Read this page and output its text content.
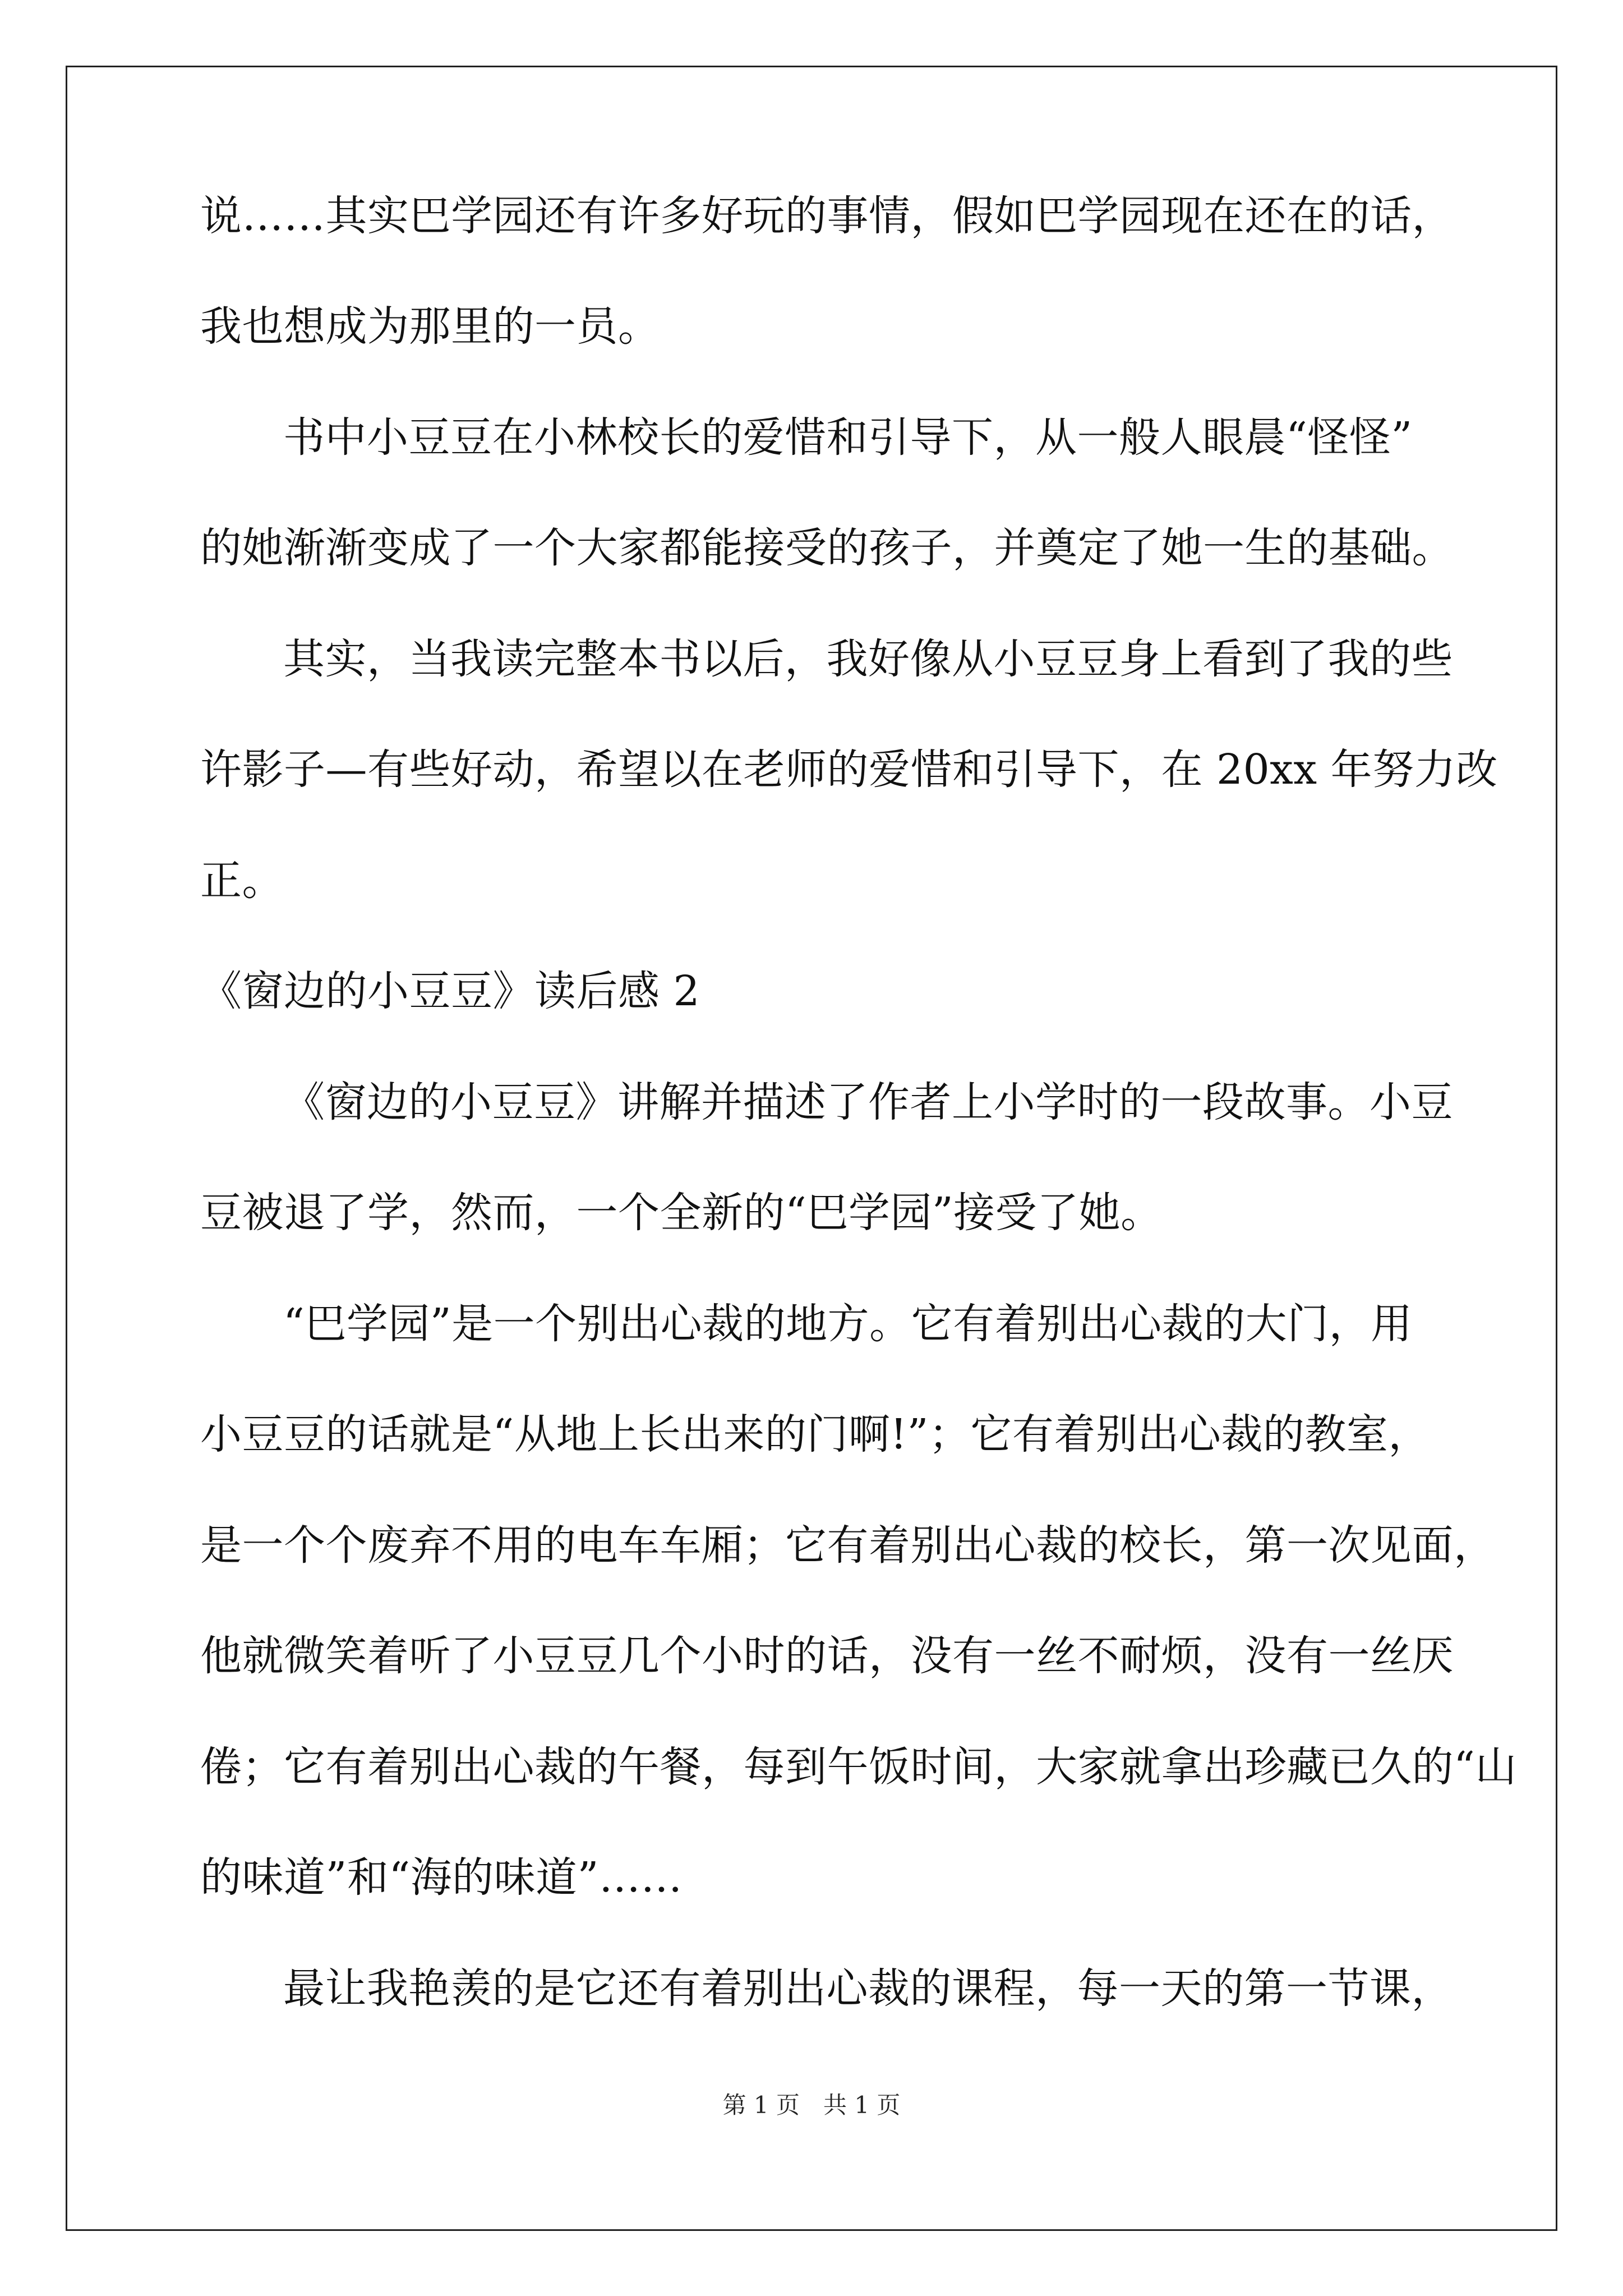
说……其实巴学园还有许多好玩的事情，假如巴学园现在还在的话，
我也想成为那里的一员。
书中小豆豆在小林校长的爱惜和引导下，从一般人眼晨“怪怪”
的她渐渐变成了一个大家都能接受的孩子，并奠定了她一生的基础。
其实，当我读完整本书以后，我好像从小豆豆身上看到了我的些
许影子—有些好动，希望以在老师的爱惜和引导下，在 20xx 年努力改
正。
《窗边的小豆豆》读后感 2
《窗边的小豆豆》讲解并描述了作者上小学时的一段故事。小豆
豆被退了学，然而，一个全新的“巴学园”接受了她。
“巴学园”是一个别出心裁的地方。它有着别出心裁的大门，用
小豆豆的话就是“从地上长出来的门啊!”；它有着别出心裁的教室，
是一个个废弃不用的电车车厢；它有着别出心裁的校长，第一次见面，
他就微笑着听了小豆豆几个小时的话，没有一丝不耐烦，没有一丝厌
倦；它有着别出心裁的午餐，每到午饭时间，大家就拿出珍藏已久的“山
的味道”和“海的味道”……
最让我艳羡的是它还有着别出心裁的课程，每一天的第一节课，
第 1 页　共 1 页
